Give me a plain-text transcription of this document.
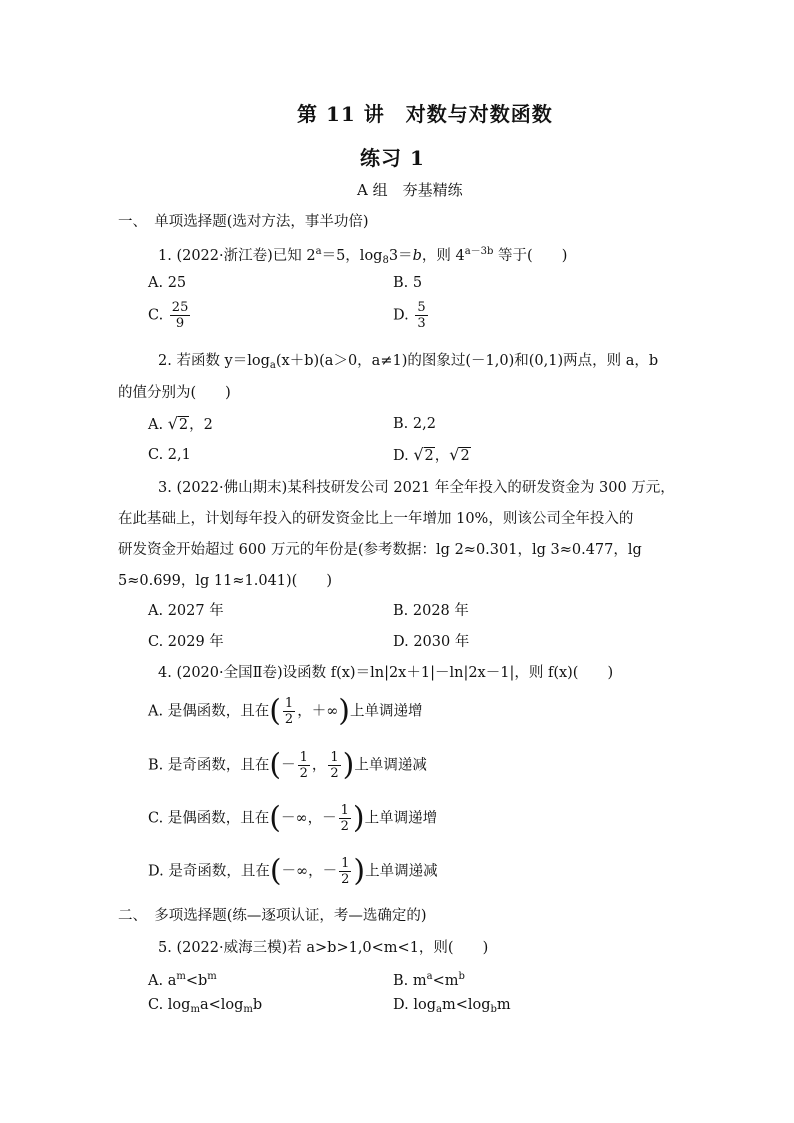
第 11 讲　对数与对数函数
练习 1
A 组　夯基精练
一、　单项选择题(选对方法，事半功倍)
1. (2022·浙江卷)已知 $2^a=5$，$\log_83=b$，则 $4^{a-3b}$ 等于(　　)
A. 25	B. 5
C. $\frac{25}{9}$	D. $\frac{5}{3}$
2. 若函数 $y=\log_a(x+b)(a>0$，a≠1)的图象过(－1,0)和(0,1)两点，则 a，b
的值分别为(　　)
A. √2，2	B. 2,2
C. 2,1	D. √2，√2
3. (2022·佛山期末)某科技研发公司 2021 年全年投入的研发资金为 300 万元，
在此基础上，计划每年投入的研发资金比上一年增加 10%，则该公司全年投入的
研发资金开始超过 600 万元的年份是(参考数据：lg 2≈0.301，lg 3≈0.477，lg
5≈0.699，lg 11≈1.041)(　　)
A. 2027 年	B. 2028 年
C. 2029 年	D. 2030 年
4. (2020·全国Ⅱ卷)设函数 f(x)＝ln|2x＋1|－ln|2x－1|，则 f(x)(　　)
A. 是偶函数，且在( $\frac{1}{2}$ ，＋∞)上单调递增
B. 是奇函数，且在(－ $\frac{1}{2}$ ， $\frac{1}{2}$ )上单调递减
C. 是偶函数，且在(－∞，－ $\frac{1}{2}$ )上单调递增
D. 是奇函数，且在(－∞，－ $\frac{1}{2}$ )上单调递减
二、　多项选择题(练—逐项认证，考—选确定的)
5. (2022·威海三模)若 a>b>1,0<m<1，则(　　)
A. $a^m<b^m$	B. $m^a<m^b$
C. $\log_ma<\log_mb$	D. $\log_am<\log_bm$
